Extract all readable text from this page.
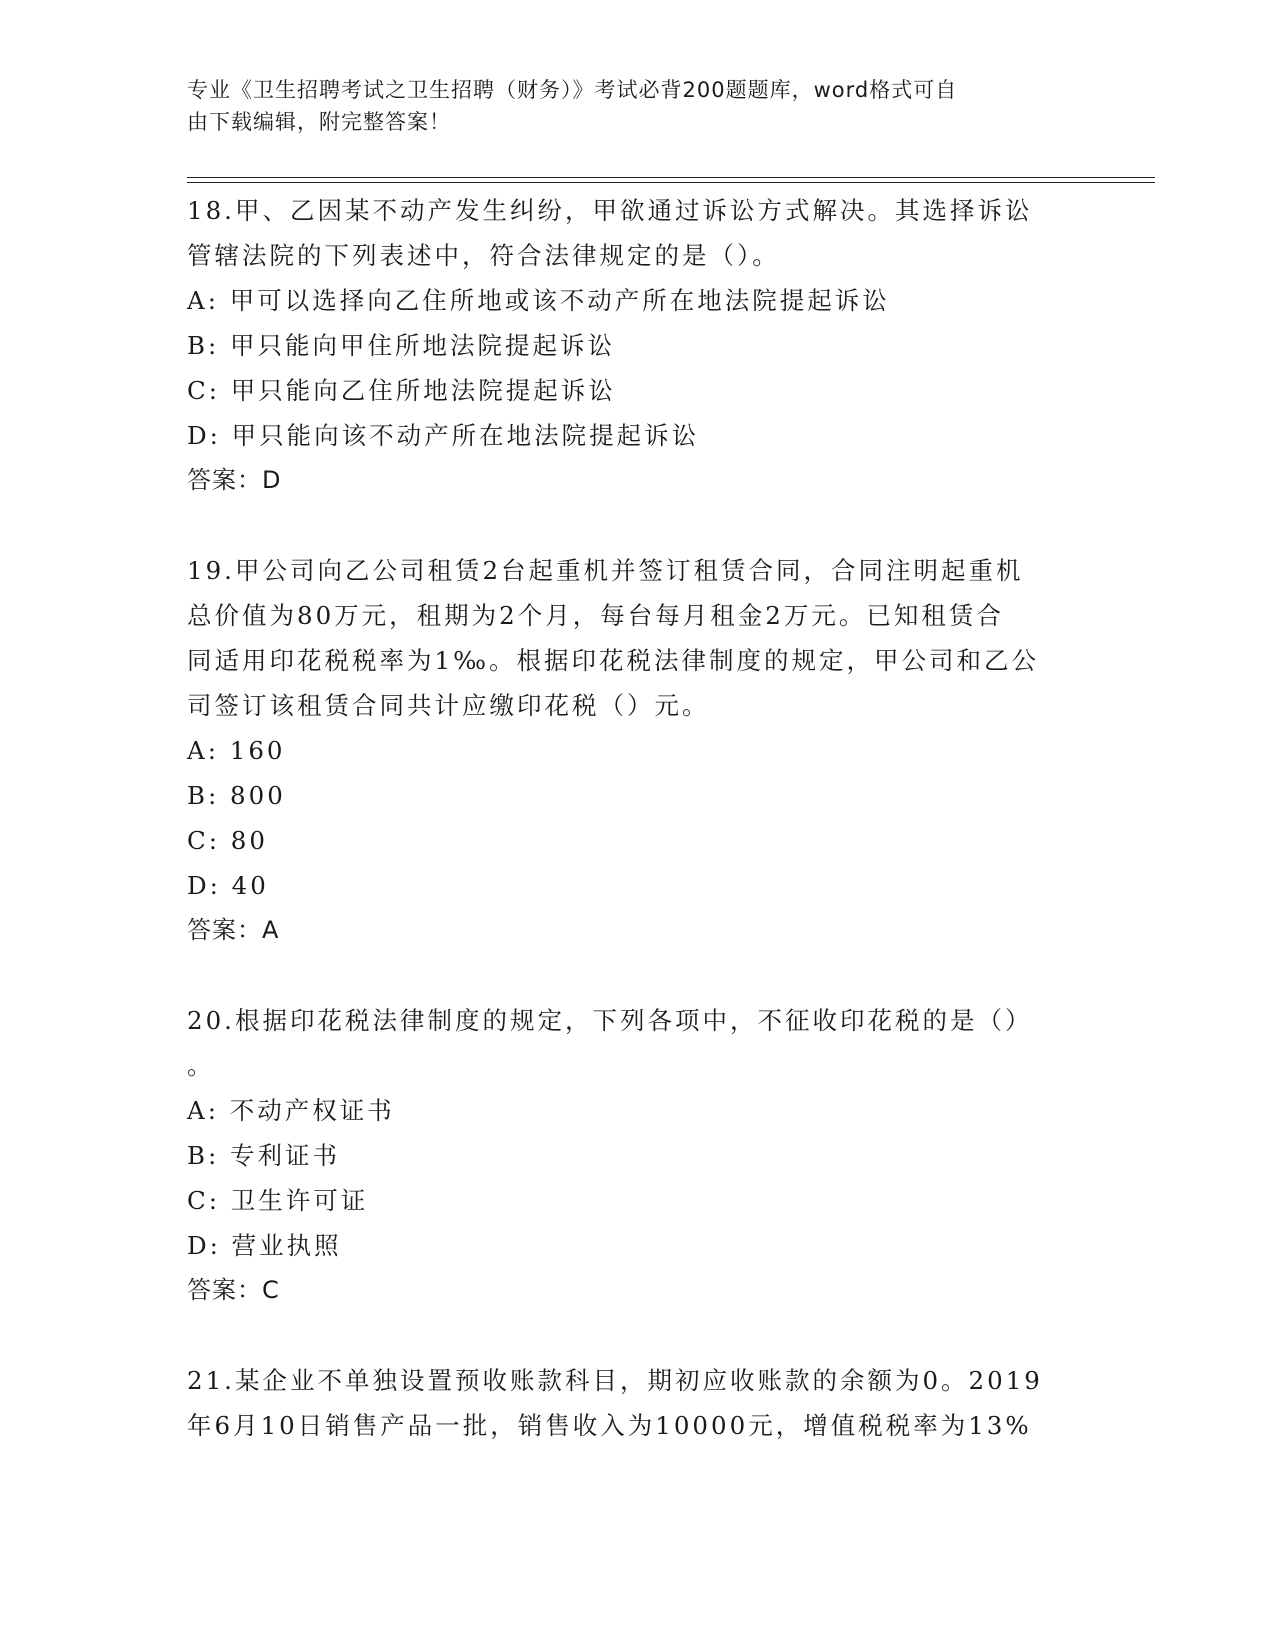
专业《卫生招聘考试之卫生招聘（财务）》考试必背200题题库，word格式可自
由下载编辑，附完整答案！
18.甲、乙因某不动产发生纠纷，甲欲通过诉讼方式解决。其选择诉讼
管辖法院的下列表述中，符合法律规定的是（）。
A: 甲可以选择向乙住所地或该不动产所在地法院提起诉讼
B: 甲只能向甲住所地法院提起诉讼
C: 甲只能向乙住所地法院提起诉讼
D: 甲只能向该不动产所在地法院提起诉讼
答案：D
19.甲公司向乙公司租赁2台起重机并签订租赁合同，合同注明起重机
总价值为80万元，租期为2个月，每台每月租金2万元。已知租赁合
同适用印花税税率为1‰。根据印花税法律制度的规定，甲公司和乙公
司签订该租赁合同共计应缴印花税（）元。
A: 160
B: 800
C: 80
D: 40
答案：A
20.根据印花税法律制度的规定，下列各项中，不征收印花税的是（）
。
A: 不动产权证书
B: 专利证书
C: 卫生许可证
D: 营业执照
答案：C
21.某企业不单独设置预收账款科目，期初应收账款的余额为0。2019
年6月10日销售产品一批，销售收入为10000元，增值税税率为13%
